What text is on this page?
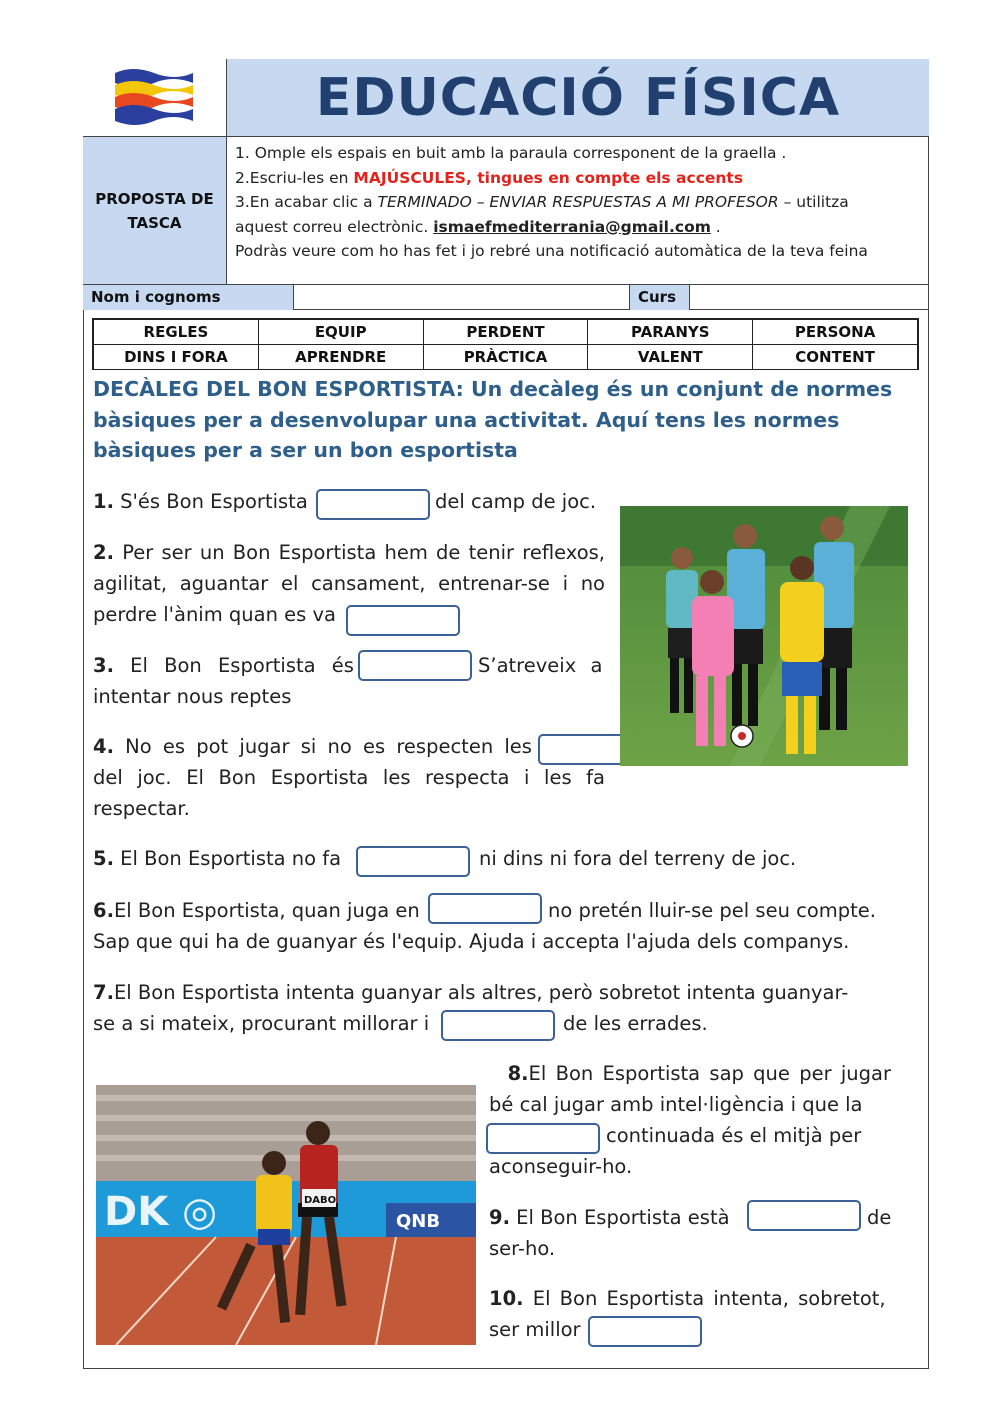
EDUCACIÓ FÍSICA
PROPOSTA DE TASCA
1. Omple els espais en buit amb la paraula corresponent de la graella .
2.Escriu-les en MAJÚSCULES, tingues en compte els accents
3.En acabar clic a TERMINADO – ENVIAR RESPUESTAS A MI PROFESOR – utilitza
aquest correu electrònic. ismaefmediterrania@gmail.com .
Podràs veure com ho has fet i jo rebré una notificació automàtica de la teva feina
Nom i cognoms	Curs
REGLES	EQUIP	PERDENT	PARANYS	PERSONA
DINS I FORA	APRENDRE	PRÀCTICA	VALENT	CONTENT
DECÀLEG DEL BON ESPORTISTA: Un decàleg és un conjunt de normes bàsiques per a desenvolupar una activitat. Aquí tens les normes bàsiques per a ser un bon esportista
1. S'és Bon Esportista	del camp de joc.
2. Per ser un Bon Esportista hem de tenir reflexos, agilitat, aguantar el cansament, entrenar-se i no perdre l'ànim quan es va
3. El Bon Esportista és	S’atreveix a
intentar nous reptes
4. No es pot jugar si no es respecten les
del joc. El Bon Esportista les respecta i les fa respectar.
5. El Bon Esportista no fa	ni dins ni fora del terreny de joc.
6.El Bon Esportista, quan juga en	no pretén lluir-se pel seu compte.
Sap que qui ha de guanyar és l'equip. Ajuda i accepta l'ajuda dels companys.
7.El Bon Esportista intenta guanyar als altres, però sobretot intenta guanyar-
se a si mateix, procurant millorar i	de les errades.
DK ◎	QNB
DABO
8.El Bon Esportista sap que per jugar bé cal jugar amb intel·ligència i que la
continuada és el mitjà per
aconseguir-ho.
9. El Bon Esportista està	de
ser-ho.
10. El Bon Esportista intenta, sobretot,
ser millor
